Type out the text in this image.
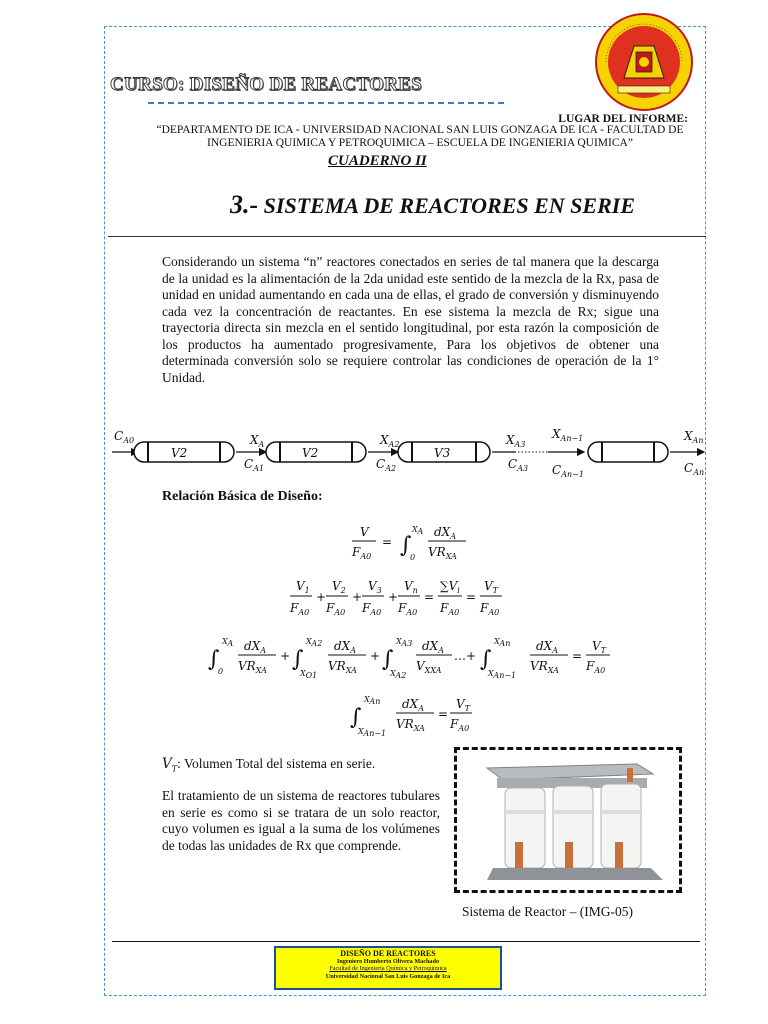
CURSO: DISEÑO DE REACTORES
LUGAR DEL INFORME:
“DEPARTAMENTO DE ICA - UNIVERSIDAD NACIONAL SAN LUIS GONZAGA DE ICA - FACULTAD DE
INGENIERIA QUIMICA Y PETROQUIMICA – ESCUELA DE INGENIERIA QUIMICA”
CUADERNO II
3.- SISTEMA DE REACTORES EN SERIE
Considerando un sistema “n” reactores conectados en series de tal manera que la descarga de la unidad es la alimentación de la 2da unidad este sentido de la mezcla de la Rx, pasa de unidad en unidad aumentando en cada una de ellas, el grado de conversión y disminuyendo cada vez la concentración de reactantes. En ese sistema la mezcla de Rx; sigue una trayectoria directa sin mezcla en el sentido longitudinal, por esta razón la composición de los productos ha aumentado progresivamente, Para los objetivos de obtener una determinada conversión solo se requiere controlar las condiciones de operación de la 1° Unidad.
$C_{A0}$
V2
$X_A$
$C_{A1}$
V2
$X_{A2}$
$C_{A2}$
V3
$X_{A3}$
$C_{A3}$
$X_{An-1}$
$C_{An-1}$
$X_{An}$
$C_{An}$
Relación Básica de Diseño:
V
$F_{A0}$
= ∫
XA
0
$dX_A$
$VR_{XA}$
$V_1$
$F_{A0}$
+
$V_2$
$F_{A0}$
+
$V_3$
$F_{A0}$
+
$V_n$
$F_{A0}$
=
$\sum V_i$
$F_{A0}$
=
$V_T$
$F_{A0}$
∫
XA
0
$dX_A$
$VR_{XA}$
+ ∫
XA2
XO1
$dX_A$
$VR_{XA}$
+ ∫
XA3
XA2
$dX_A$
$V_{XXA}$
…+ ∫
XAn
XAn−1
$dX_A$
$VR_{XA}$
=
$V_T$
$F_{A0}$
∫
XAn
XAn−1
$dX_A$
$VR_{XA}$
=
$V_T$
$F_{A0}$
$V_T$: Volumen Total del sistema en serie.
El tratamiento de un sistema de reactores tubulares en serie es como si se tratara de un solo reactor, cuyo volumen es igual a la suma de los volúmenes de todas las unidades de Rx que comprende.
Sistema de Reactor – (IMG-05)
DISEÑO DE REACTORES
Ingeniero Humberto Olivera Machado
Facultad de Ingeniería Química y Petroquímica
Universidad Nacional San Luis Gonzaga de Ica
